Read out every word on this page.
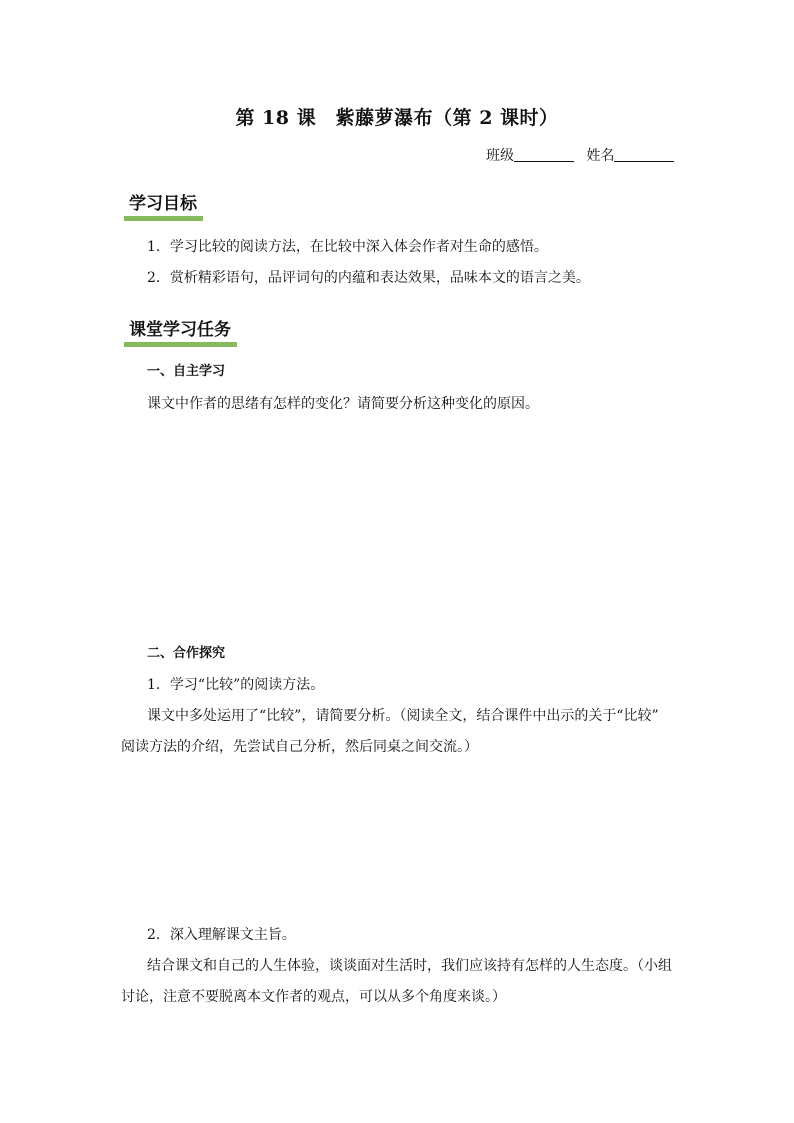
第 18 课　紫藤萝瀑布（第 2 课时）
班级	姓名
学习目标
1．学习比较的阅读方法，在比较中深入体会作者对生命的感悟。
2．赏析精彩语句，品评词句的内蕴和表达效果，品味本文的语言之美。
课堂学习任务
一、自主学习
课文中作者的思绪有怎样的变化？请简要分析这种变化的原因。
二、合作探究
1．学习“比较”的阅读方法。
课文中多处运用了“比较”，请简要分析。（阅读全文，结合课件中出示的关于“比较”
阅读方法的介绍，先尝试自己分析，然后同桌之间交流。）
2．深入理解课文主旨。
结合课文和自己的人生体验，谈谈面对生活时，我们应该持有怎样的人生态度。（小组
讨论，注意不要脱离本文作者的观点，可以从多个角度来谈。）
